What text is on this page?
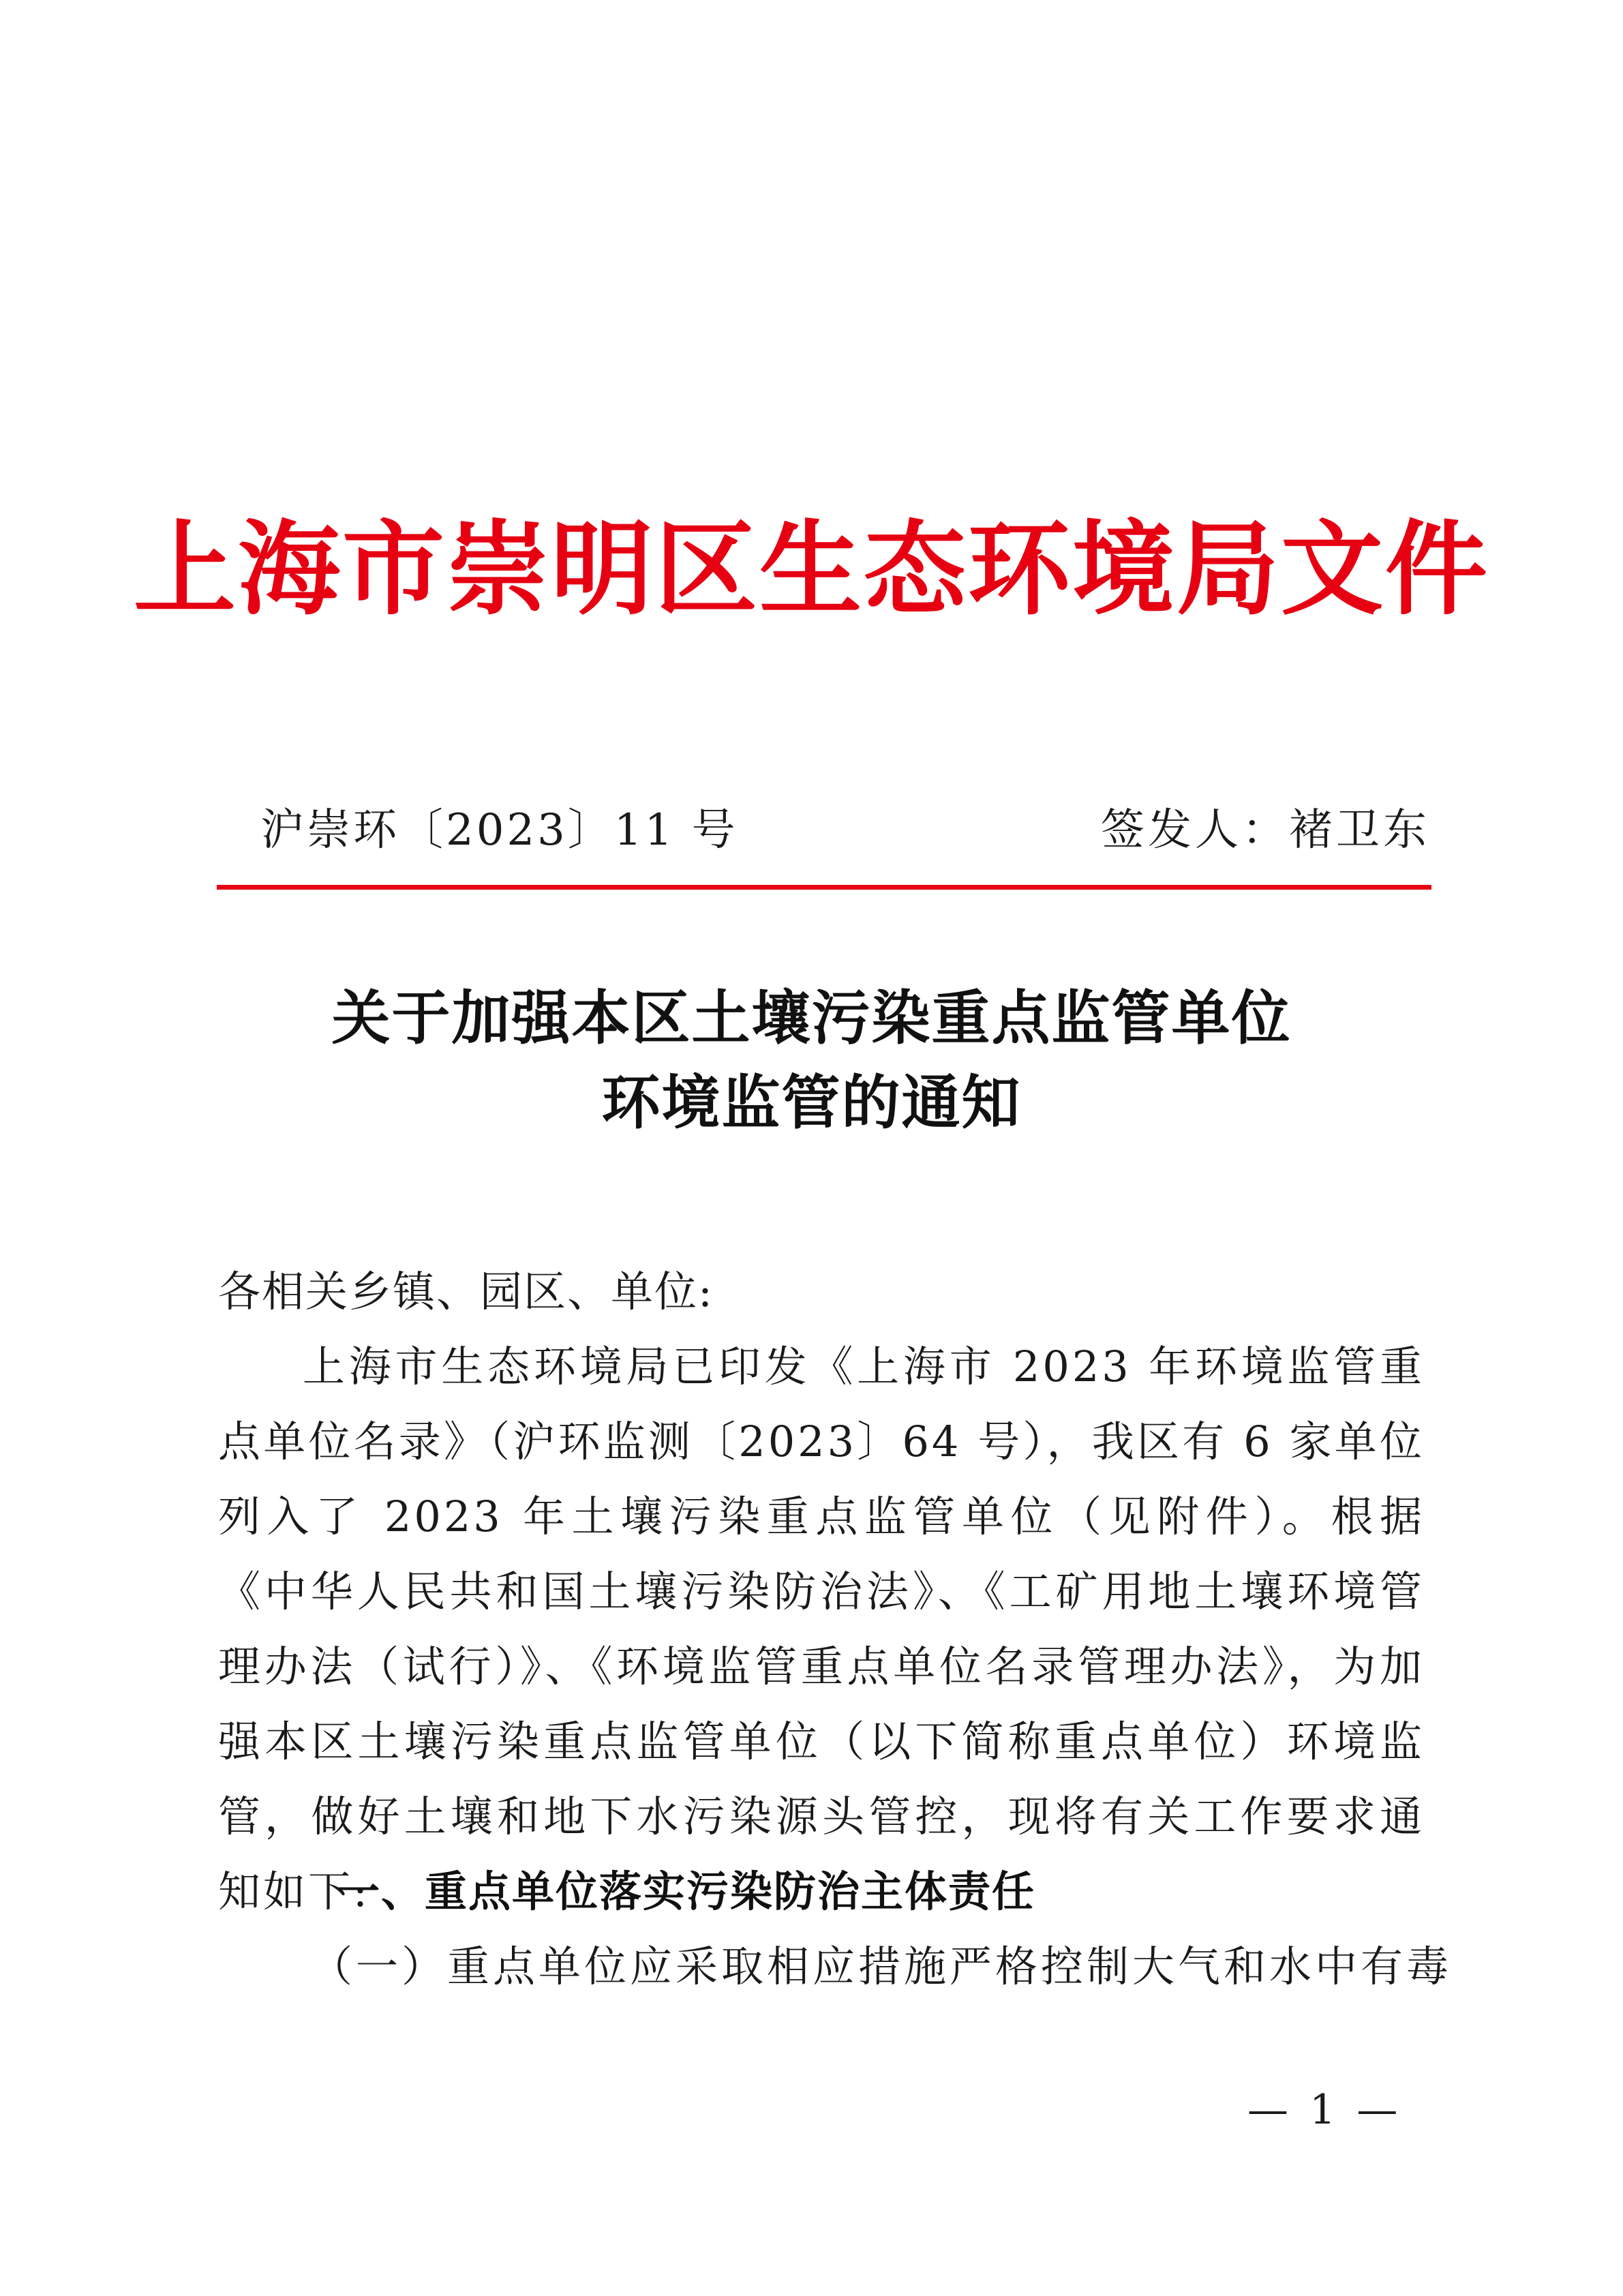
上海市崇明区生态环境局文件
沪崇环〔2023〕11 号	签发人：褚卫东
关于加强本区土壤污染重点监管单位
环境监管的通知
各相关乡镇、园区、单位:
上海市生态环境局已印发《上海市 2023 年环境监管重点单位名录》（沪环监测〔2023〕64 号），我区有 6 家单位列入了 2023 年土壤污染重点监管单位（见附件）。根据《中华人民共和国土壤污染防治法》、《工矿用地土壤环境管理办法（试行）》、《环境监管重点单位名录管理办法》，为加强本区土壤污染重点监管单位（以下简称重点单位）环境监管，做好土壤和地下水污染源头管控，现将有关工作要求通知如下:
一、重点单位落实污染防治主体责任
（一）重点单位应采取相应措施严格控制大气和水中有毒
— 1 —
